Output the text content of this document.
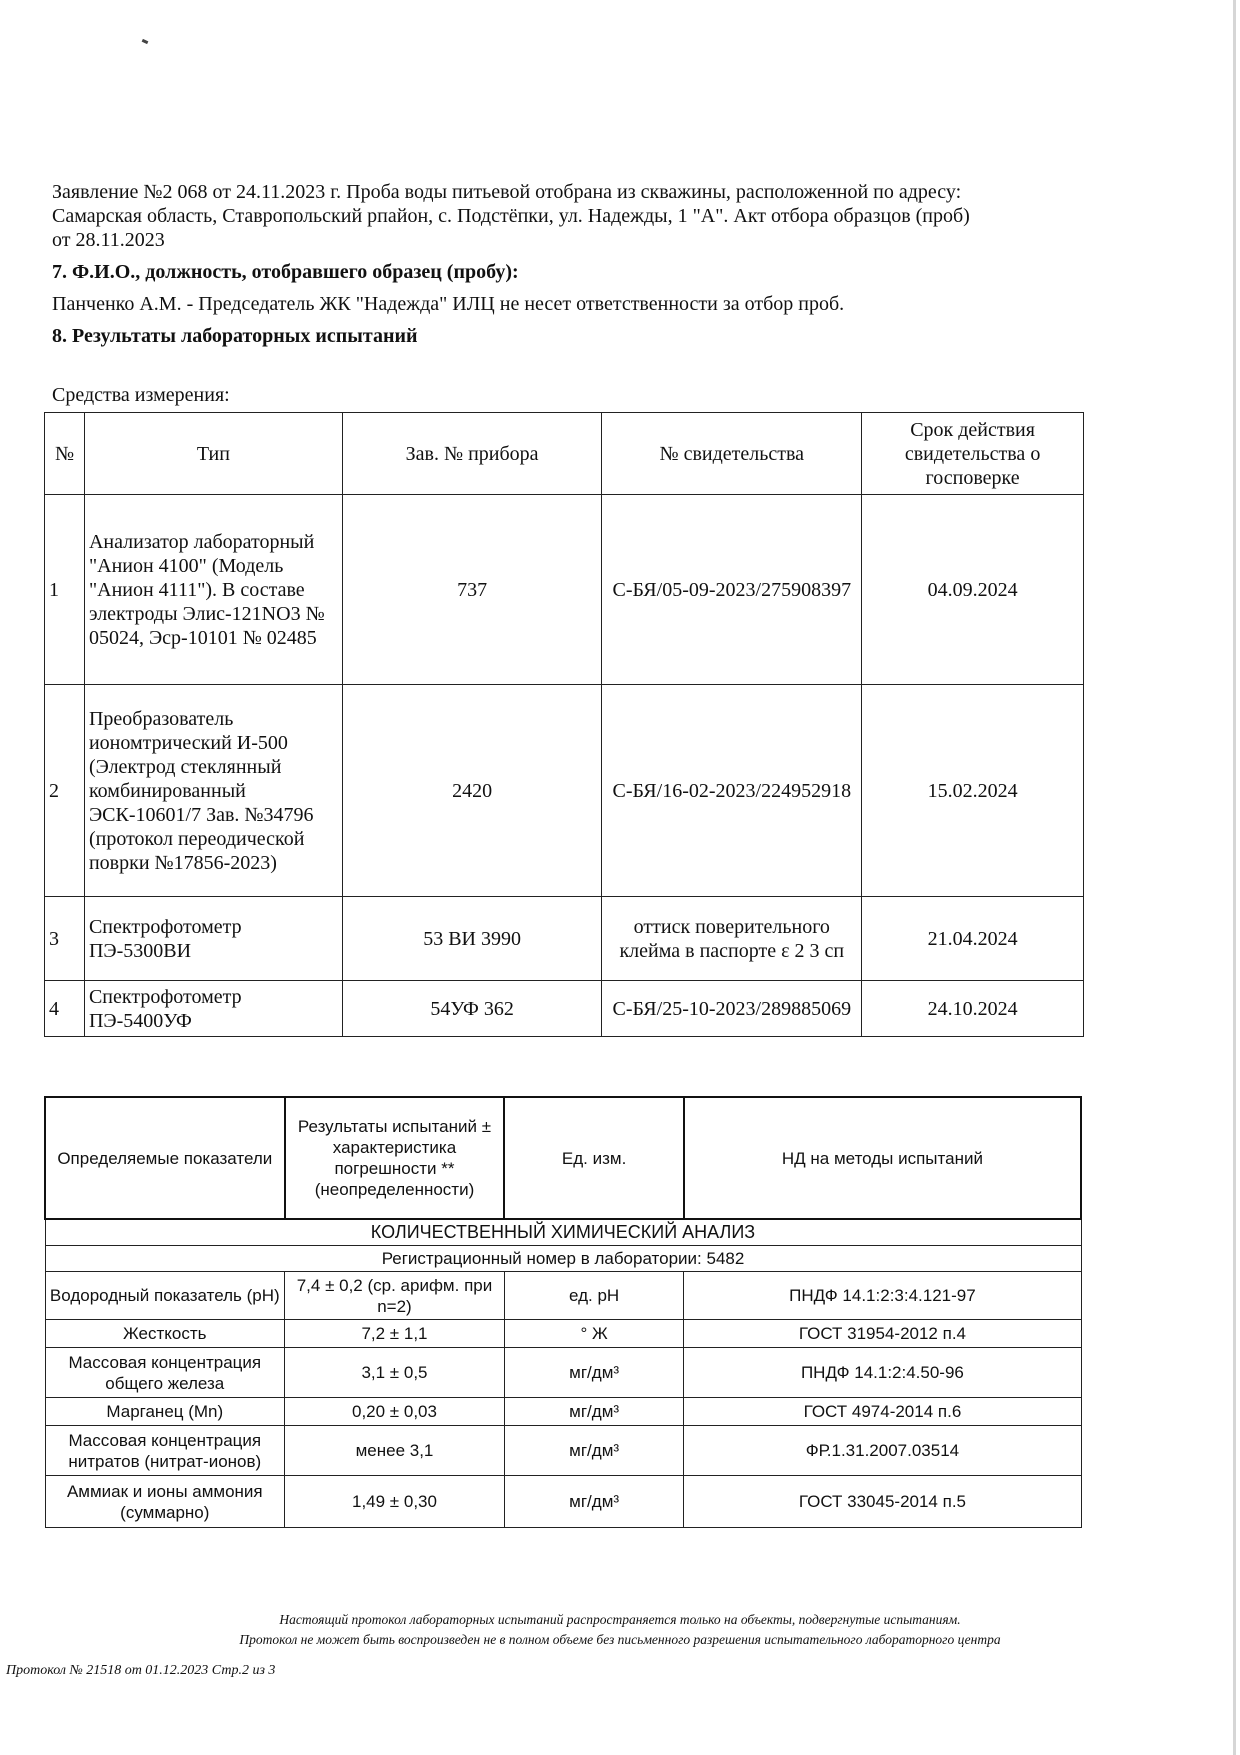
Заявление №2 068 от 24.11.2023 г. Проба воды питьевой отобрана из скважины, расположенной по адресу:

Самарская область, Ставропольский рпайон, с. Подстёпки, ул. Надежды, 1 "А". Акт отбора образцов (проб)

от 28.11.2023

7. Ф.И.О., должность, отобравшего образец (пробу):

Панченко А.М. - Председатель ЖК "Надежда" ИЛЦ не несет ответственности за отбор проб.

8. Результаты лабораторных испытаний

Средства измерения:
№	Тип	Зав. № прибора	№ свидетельства	Срок действия свидетельства о госповерке
1	Анализатор лабораторный "Анион 4100" (Модель "Анион 4111"). В составе электроды Элис-121NO3 № 05024, Эср-10101 № 02485	737	С-БЯ/05-09-2023/275908397	04.09.2024
2	Преобразователь иономтрический И-500 (Электрод стеклянный комбинированный ЭСК-10601/7 Зав. №34796 (протокол переодической поврки №17856-2023)	2420	С-БЯ/16-02-2023/224952918	15.02.2024
3	Спектрофотометр ПЭ-5300ВИ	53 ВИ 3990	оттиск поверительного клейма в паспорте ε 2 3 сп	21.04.2024
4	Спектрофотометр ПЭ-5400УФ	54УФ 362	С-БЯ/25-10-2023/289885069	24.10.2024
Определяемые показатели	Результаты испытаний ± характеристика погрешности **(неопределенности)	Ед. изм.	НД на методы испытаний
КОЛИЧЕСТВЕННЫЙ ХИМИЧЕСКИЙ АНАЛИЗ			
Регистрационный номер в лаборатории: 5482			
Водородный показатель (pH)	7,4 ± 0,2 (ср. арифм. при n=2)	ед. pH	ПНДФ 14.1:2:3:4.121-97
Жесткость	7,2 ± 1,1	° Ж	ГОСТ 31954-2012 п.4
Массовая концентрация общего железа	3,1 ± 0,5	мг/дм³	ПНДФ 14.1:2:4.50-96
Марганец (Mn)	0,20 ± 0,03	мг/дм³	ГОСТ 4974-2014 п.6
Массовая концентрация нитратов (нитрат-ионов)	менее 3,1	мг/дм³	ФР.1.31.2007.03514
Аммиак и ионы аммония (суммарно)	1,49 ± 0,30	мг/дм³	ГОСТ 33045-2014 п.5

Настоящий протокол лабораторных испытаний распространяется только на объекты, подвергнутые испытаниям.

Протокол не может быть воспроизведен не в полном объеме без письменного разрешения испытательного лабораторного центра

Протокол № 21518 от 01.12.2023 Стр.2 из 3
